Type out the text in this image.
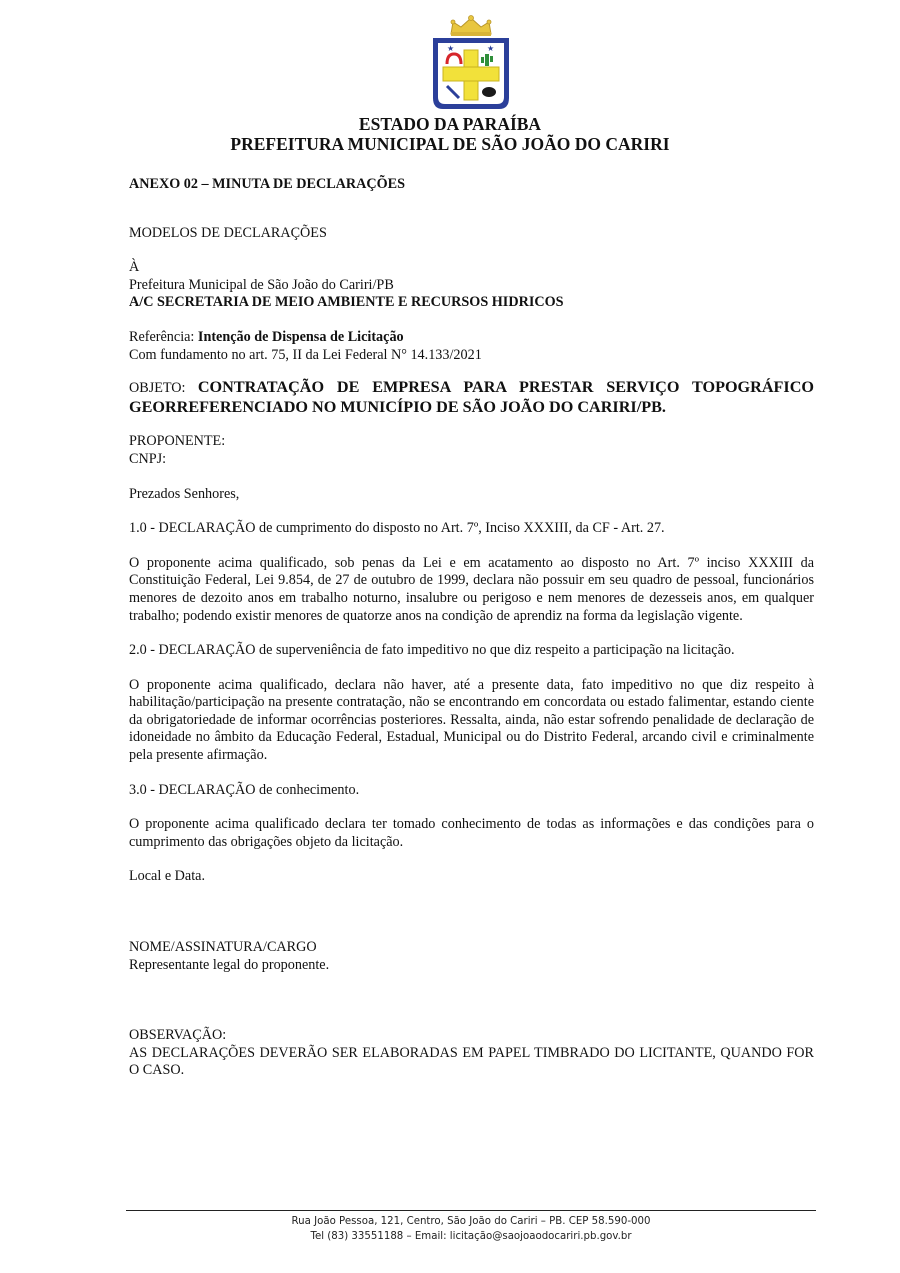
★	★
ESTADO DA PARAÍBA
PREFEITURA MUNICIPAL DE SÃO JOÃO DO CARIRI

ANEXO 02 – MINUTA DE DECLARAÇÕES

MODELOS DE DECLARAÇÕES

À

Prefeitura Municipal de São João do Cariri/PB

A/C SECRETARIA DE MEIO AMBIENTE E RECURSOS HIDRICOS

Referência: Intenção de Dispensa de Licitação

Com fundamento no art. 75, II da Lei Federal N° 14.133/2021

OBJETO: CONTRATAÇÃO DE EMPRESA PARA PRESTAR SERVIÇO TOPOGRÁFICO GEORREFERENCIADO NO MUNICÍPIO DE SÃO JOÃO DO CARIRI/PB.

PROPONENTE:

CNPJ:

Prezados Senhores,

1.0 - DECLARAÇÃO de cumprimento do disposto no Art. 7º, Inciso XXXIII, da CF - Art. 27.

O proponente acima qualificado, sob penas da Lei e em acatamento ao disposto no Art. 7º inciso XXXIII da Constituição Federal, Lei 9.854, de 27 de outubro de 1999, declara não possuir em seu quadro de pessoal, funcionários menores de dezoito anos em trabalho noturno, insalubre ou perigoso e nem menores de dezesseis anos, em qualquer trabalho; podendo existir menores de quatorze anos na condição de aprendiz na forma da legislação vigente.

2.0 - DECLARAÇÃO de superveniência de fato impeditivo no que diz respeito a participação na licitação.

O proponente acima qualificado, declara não haver, até a presente data, fato impeditivo no que diz respeito à habilitação/participação na presente contratação, não se encontrando em concordata ou estado falimentar, estando ciente da obrigatoriedade de informar ocorrências posteriores. Ressalta, ainda, não estar sofrendo penalidade de declaração de idoneidade no âmbito da Educação Federal, Estadual, Municipal ou do Distrito Federal, arcando civil e criminalmente pela presente afirmação.

3.0 - DECLARAÇÃO de conhecimento.

O proponente acima qualificado declara ter tomado conhecimento de todas as informações e das condições para o cumprimento das obrigações objeto da licitação.

Local e Data.

NOME/ASSINATURA/CARGO

Representante legal do proponente.

OBSERVAÇÃO:

AS DECLARAÇÕES DEVERÃO SER ELABORADAS EM PAPEL TIMBRADO DO LICITANTE, QUANDO FOR O CASO.

Rua João Pessoa, 121, Centro, São João do Cariri – PB. CEP 58.590-000
Tel (83) 33551188 – Email: licitação@saojoaodocariri.pb.gov.br
